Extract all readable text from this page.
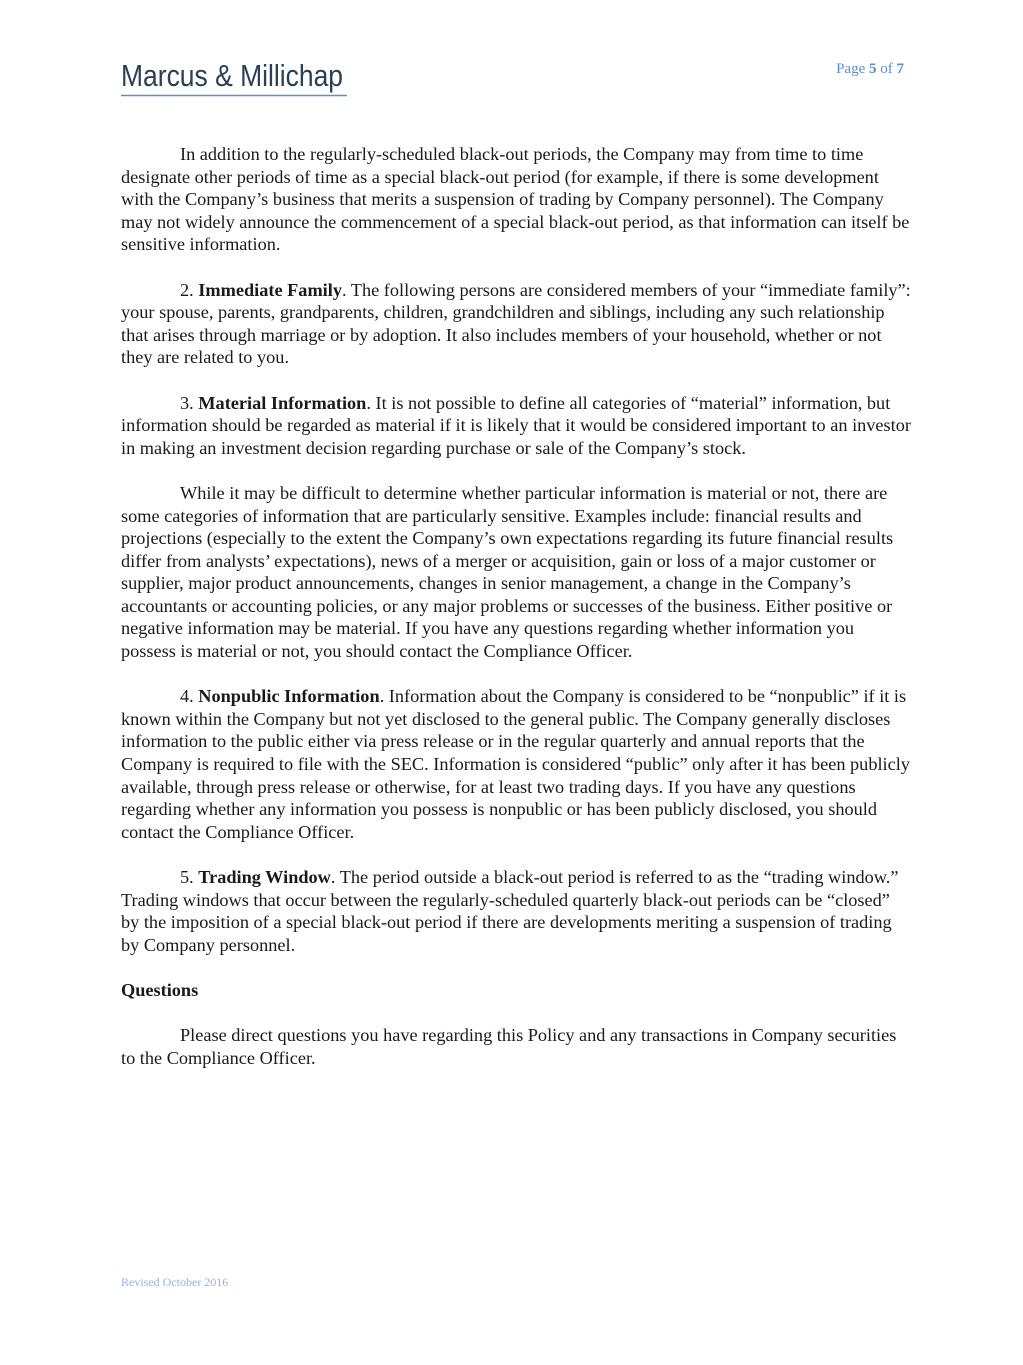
Marcus & Millichap	Page 5 of 7

In addition to the regularly-scheduled black-out periods, the Company may from time to time designate other periods of time as a special black-out period (for example, if there is some development with the Company’s business that merits a suspension of trading by Company personnel). The Company may not widely announce the commencement of a special black-out period, as that information can itself be sensitive information.

2. Immediate Family. The following persons are considered members of your “immediate family”: your spouse, parents, grandparents, children, grandchildren and siblings, including any such relationship that arises through marriage or by adoption. It also includes members of your household, whether or not they are related to you.

3. Material Information. It is not possible to define all categories of “material” information, but information should be regarded as material if it is likely that it would be considered important to an investor in making an investment decision regarding purchase or sale of the Company’s stock.

While it may be difficult to determine whether particular information is material or not, there are some categories of information that are particularly sensitive. Examples include: financial results and projections (especially to the extent the Company’s own expectations regarding its future financial results differ from analysts’ expectations), news of a merger or acquisition, gain or loss of a major customer or supplier, major product announcements, changes in senior management, a change in the Company’s accountants or accounting policies, or any major problems or successes of the business. Either positive or negative information may be material. If you have any questions regarding whether information you possess is material or not, you should contact the Compliance Officer.

4. Nonpublic Information. Information about the Company is considered to be “nonpublic” if it is known within the Company but not yet disclosed to the general public. The Company generally discloses information to the public either via press release or in the regular quarterly and annual reports that the Company is required to file with the SEC. Information is considered “public” only after it has been publicly available, through press release or otherwise, for at least two trading days. If you have any questions regarding whether any information you possess is nonpublic or has been publicly disclosed, you should contact the Compliance Officer.

5. Trading Window. The period outside a black-out period is referred to as the “trading window.” Trading windows that occur between the regularly-scheduled quarterly black-out periods can be “closed” by the imposition of a special black-out period if there are developments meriting a suspension of trading by Company personnel.

Questions

Please direct questions you have regarding this Policy and any transactions in Company securities to the Compliance Officer.

Revised October 2016
